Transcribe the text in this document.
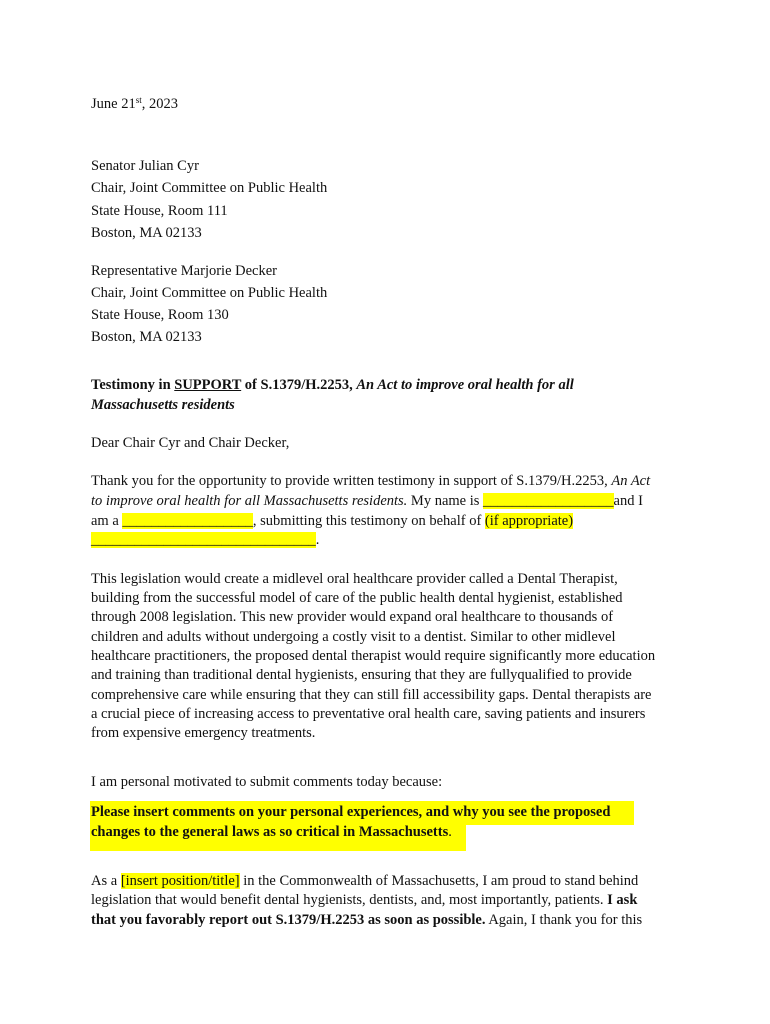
June 21st, 2023
Senator Julian Cyr
Chair, Joint Committee on Public Health
State House, Room 111
Boston, MA 02133
Representative Marjorie Decker
Chair, Joint Committee on Public Health
State House, Room 130
Boston, MA 02133
Testimony in SUPPORT of S.1379/H.2253, An Act to improve oral health for all
Massachusetts residents
Dear Chair Cyr and Chair Decker,
Thank you for the opportunity to provide written testimony in support of S.1379/H.2253, An Act
to improve oral health for all Massachusetts residents. My name is __________________and I
am a __________________, submitting this testimony on behalf of (if appropriate)
_______________________________.
This legislation would create a midlevel oral healthcare provider called a Dental Therapist,
building from the successful model of care of the public health dental hygienist, established
through 2008 legislation. This new provider would expand oral healthcare to thousands of
children and adults without undergoing a costly visit to a dentist. Similar to other midlevel
healthcare practitioners, the proposed dental therapist would require significantly more education
and training than traditional dental hygienists, ensuring that they are fullyqualified to provide
comprehensive care while ensuring that they can still fill accessibility gaps. Dental therapists are
a crucial piece of increasing access to preventative oral health care, saving patients and insurers
from expensive emergency treatments.
I am personal motivated to submit comments today because:
Please insert comments on your personal experiences, and why you see the proposed
changes to the general laws as so critical in Massachusetts.
As a [insert position/title] in the Commonwealth of Massachusetts, I am proud to stand behind
legislation that would benefit dental hygienists, dentists, and, most importantly, patients. I ask
that you favorably report out S.1379/H.2253 as soon as possible. Again, I thank you for this
